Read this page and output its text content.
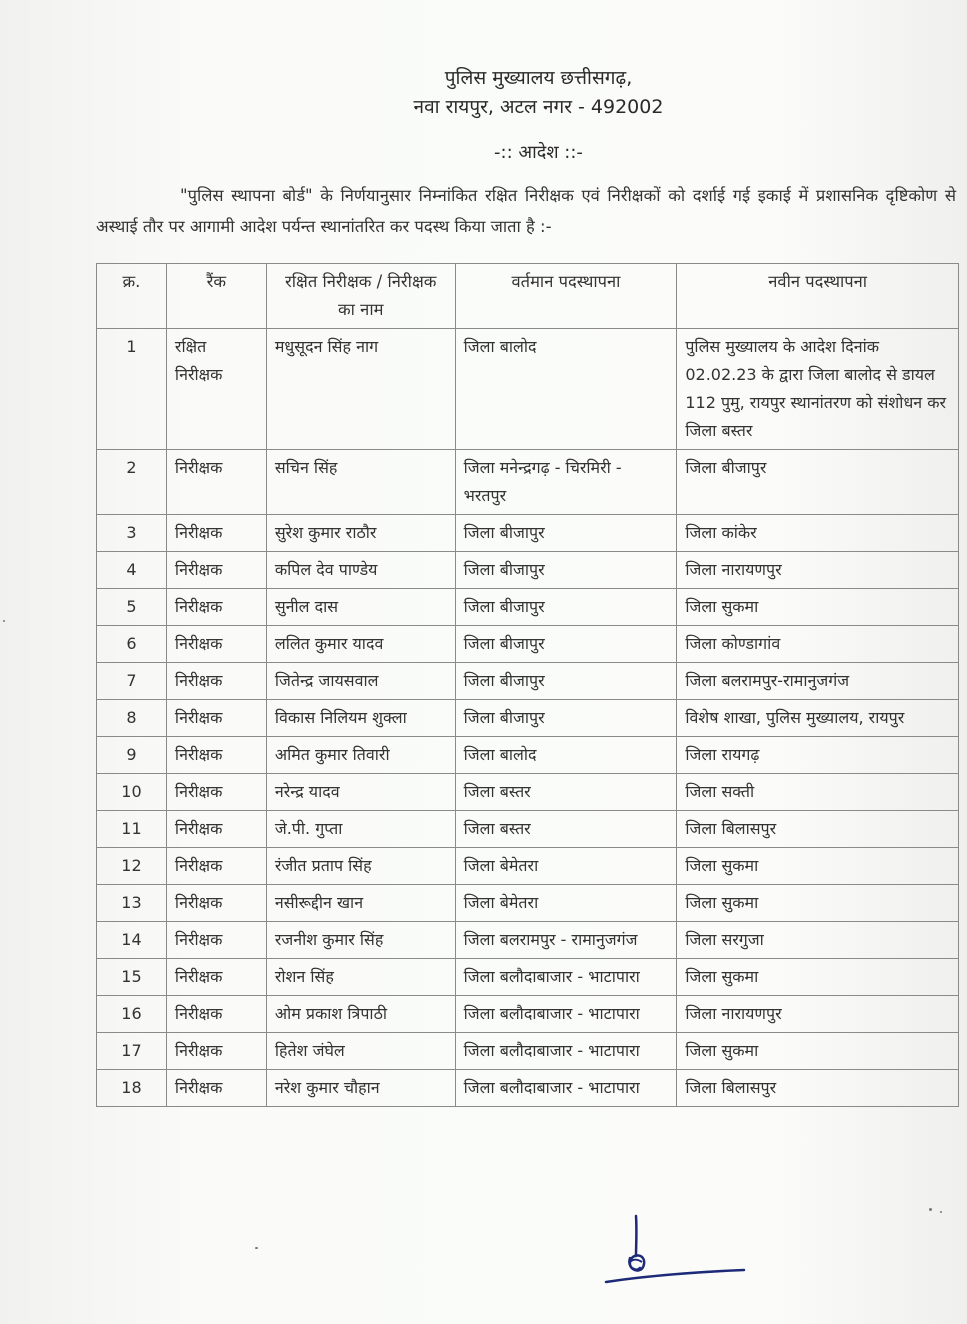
पुलिस मुख्यालय छत्तीसगढ़,
नवा रायपुर, अटल नगर - 492002
-:: आदेश ::-
"पुलिस स्थापना बोर्ड" के निर्णयानुसार निम्नांकित रक्षित निरीक्षक एवं निरीक्षकों को दर्शाई गई इकाई में प्रशासनिक दृष्टिकोण से अस्थाई तौर पर आगामी आदेश पर्यन्त स्थानांतरित कर पदस्थ किया जाता है :-
क्र.	रैंक	रक्षित निरीक्षक / निरीक्षक का नाम	वर्तमान पदस्थापना	नवीन पदस्थापना
1	रक्षित निरीक्षक	मधुसूदन सिंह नाग	जिला बालोद	पुलिस मुख्यालय के आदेश दिनांक 02.02.23 के द्वारा जिला बालोद से डायल 112 पुमु, रायपुर स्थानांतरण को संशोधन कर जिला बस्तर
2	निरीक्षक	सचिन सिंह	जिला मनेन्द्रगढ़ - चिरमिरी - भरतपुर	जिला बीजापुर
3	निरीक्षक	सुरेश कुमार राठौर	जिला बीजापुर	जिला कांकेर
4	निरीक्षक	कपिल देव पाण्डेय	जिला बीजापुर	जिला नारायणपुर
5	निरीक्षक	सुनील दास	जिला बीजापुर	जिला सुकमा
6	निरीक्षक	ललित कुमार यादव	जिला बीजापुर	जिला कोण्डागांव
7	निरीक्षक	जितेन्द्र जायसवाल	जिला बीजापुर	जिला बलरामपुर-रामानुजगंज
8	निरीक्षक	विकास निलियम शुक्ला	जिला बीजापुर	विशेष शाखा, पुलिस मुख्यालय, रायपुर
9	निरीक्षक	अमित कुमार तिवारी	जिला बालोद	जिला रायगढ़
10	निरीक्षक	नरेन्द्र यादव	जिला बस्तर	जिला सक्ती
11	निरीक्षक	जे.पी. गुप्ता	जिला बस्तर	जिला बिलासपुर
12	निरीक्षक	रंजीत प्रताप सिंह	जिला बेमेतरा	जिला सुकमा
13	निरीक्षक	नसीरूद्दीन खान	जिला बेमेतरा	जिला सुकमा
14	निरीक्षक	रजनीश कुमार सिंह	जिला बलरामपुर - रामानुजगंज	जिला सरगुजा
15	निरीक्षक	रोशन सिंह	जिला बलौदाबाजार - भाटापारा	जिला सुकमा
16	निरीक्षक	ओम प्रकाश त्रिपाठी	जिला बलौदाबाजार - भाटापारा	जिला नारायणपुर
17	निरीक्षक	हितेश जंघेल	जिला बलौदाबाजार - भाटापारा	जिला सुकमा
18	निरीक्षक	नरेश कुमार चौहान	जिला बलौदाबाजार - भाटापारा	जिला बिलासपुर
